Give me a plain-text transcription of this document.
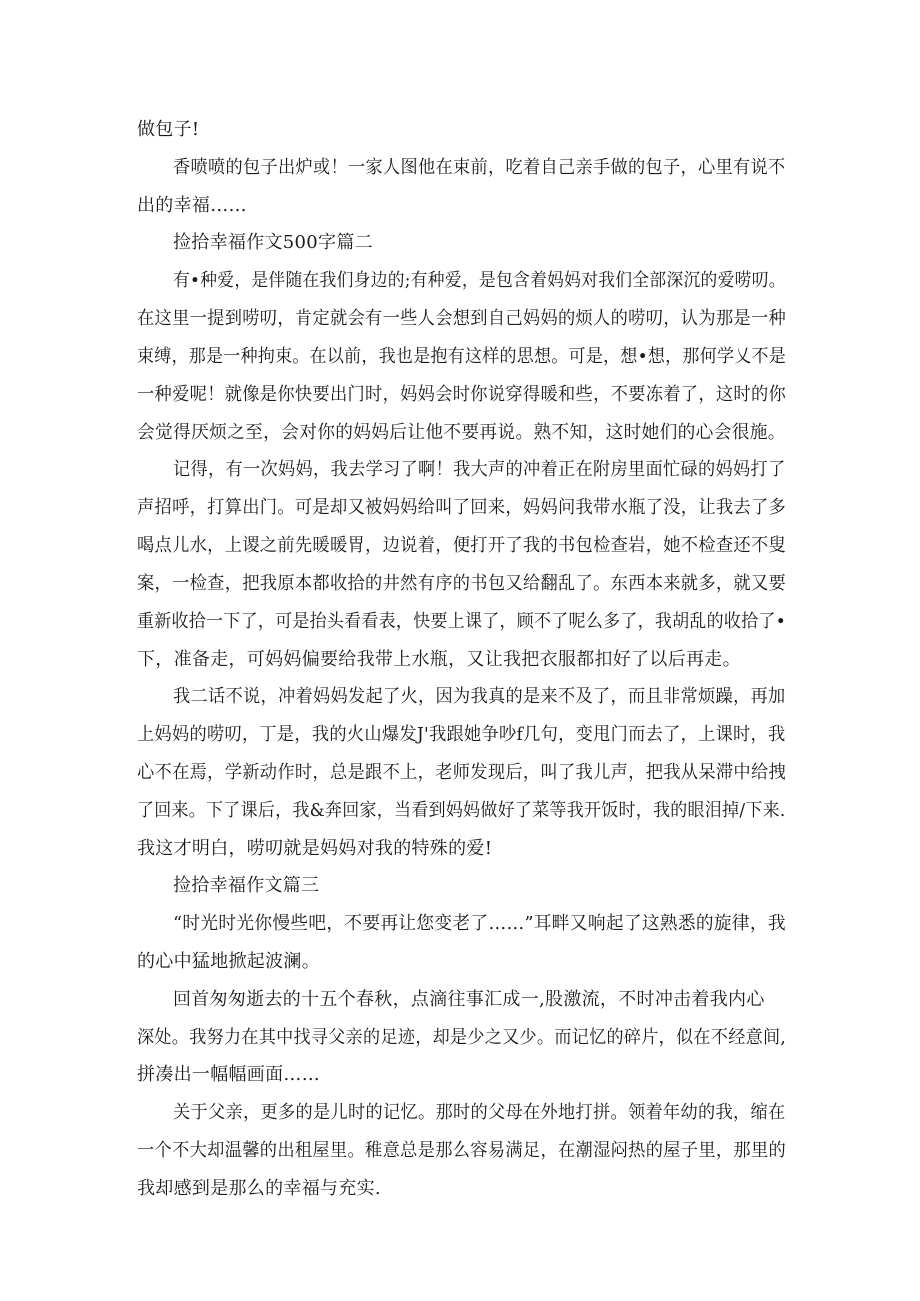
做包子!
香喷喷的包子出炉或！一家人图他在束前，吃着自己亲手做的包子，心里有说不
出的幸福……
捡拾幸福作文500字篇二
有•种爱，是伴随在我们身边的;有种爱，是包含着妈妈对我们全部深沉的爱唠叨。
在这里一提到唠叨，肯定就会有一些人会想到自己妈妈的烦人的唠叨，认为那是一种
束缚，那是一种拘束。在以前，我也是抱有这样的思想。可是，想•想，那何学乂不是
一种爱呢！就像是你快要出门时，妈妈会时你说穿得暖和些，不要冻着了，这时的你
会觉得厌烦之至，会对你的妈妈后让他不要再说。熟不知，这时她们的心会很施。
记得，有一次妈妈，我去学习了啊！我大声的冲着正在附房里面忙碌的妈妈打了
声招呼，打算出门。可是却又被妈妈给叫了回来，妈妈问我带水瓶了没，让我去了多
喝点儿水，上谡之前先暖暖胃，边说着，便打开了我的书包检查岩，她不检查还不叟
案，一检查，把我原本都收拾的井然有序的书包又给翻乱了。东西本来就多，就又要
重新收拾一下了，可是抬头看看表，快要上课了，顾不了呢么多了，我胡乱的收拾了•
下，准备走，可妈妈偏要给我带上水瓶，又让我把衣服都扣好了以后再走。
我二话不说，冲着妈妈发起了火，因为我真的是来不及了，而且非常烦躁，再加
上妈妈的唠叨，丁是，我的火山爆发J'我跟她争吵f几句，变甩门而去了，上课时，我
心不在焉，学新动作时，总是跟不上，老师发现后，叫了我儿声，把我从呆滞中给拽
了回来。下了课后，我&奔回家，当看到妈妈做好了菜等我开饭时，我的眼泪掉/下来.
我这才明白，唠叨就是妈妈对我的特殊的爱!
捡拾幸福作文篇三
“时光时光你慢些吧，不要再让您变老了……”耳畔又响起了这熟悉的旋律，我
的心中猛地掀起波澜。
回首匆匆逝去的十五个春秋，点滴往事汇成一,股激流，不时冲击着我内心
深处。我努力在其中找寻父亲的足迹，却是少之又少。而记忆的碎片，似在不经意间,
拼凑出一幅幅画面……
关于父亲，更多的是儿时的记忆。那时的父母在外地打拼。领着年幼的我，缩在
一个不大却温馨的出租屋里。稚意总是那么容易满足，在潮湿闷热的屋子里，那里的
我却感到是那么的幸福与充实.
